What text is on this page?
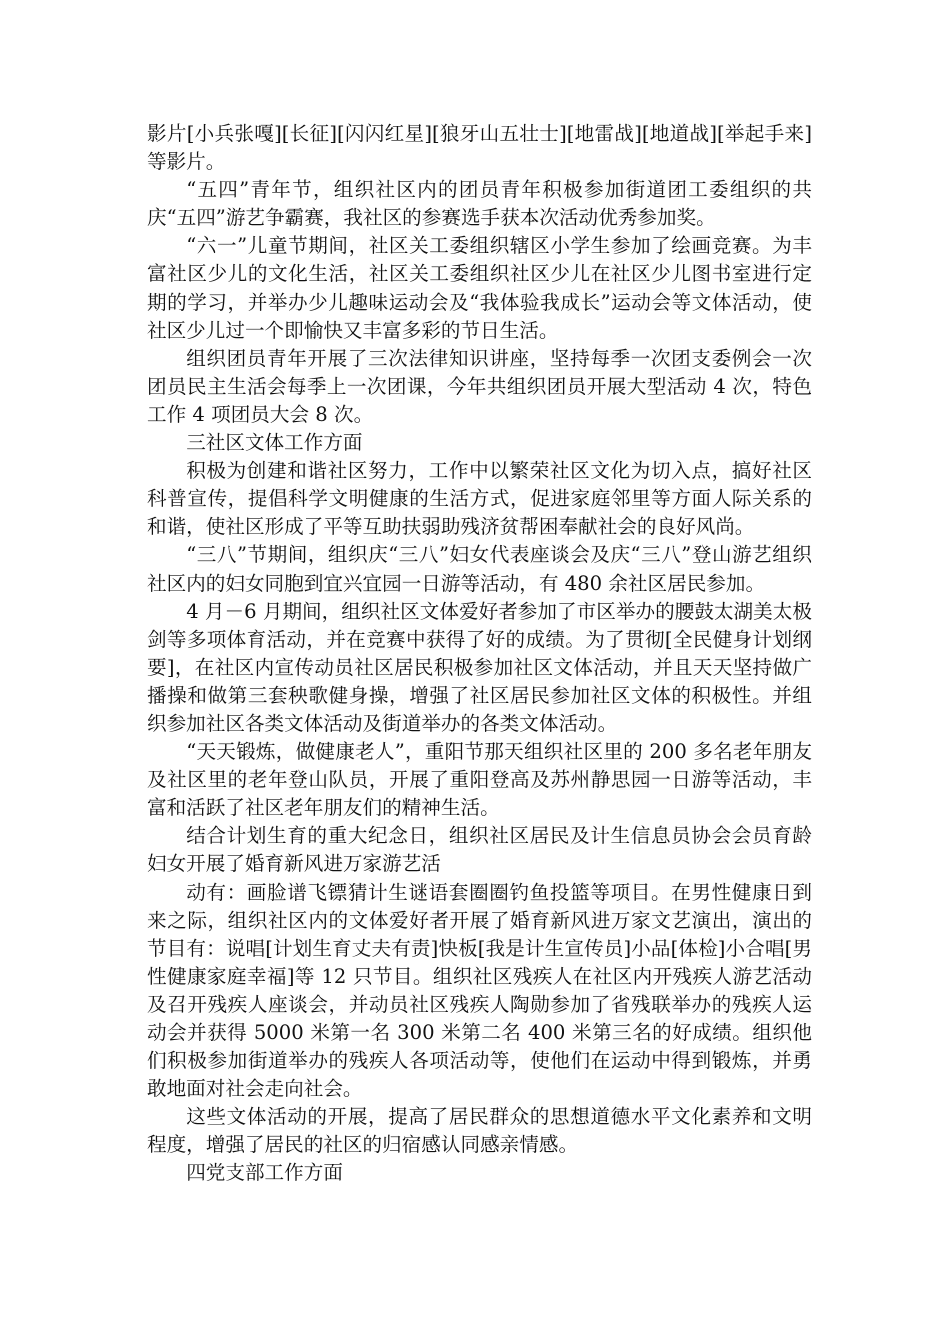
影片[小兵张嘎][长征][闪闪红星][狼牙山五壮士][地雷战][地道战][举起手来]等影片。

“五四”青年节，组织社区内的团员青年积极参加街道团工委组织的共庆“五四”游艺争霸赛，我社区的参赛选手获本次活动优秀参加奖。

“六一”儿童节期间，社区关工委组织辖区小学生参加了绘画竞赛。为丰富社区少儿的文化生活，社区关工委组织社区少儿在社区少儿图书室进行定期的学习，并举办少儿趣味运动会及“我体验我成长”运动会等文体活动，使社区少儿过一个即愉快又丰富多彩的节日生活。

组织团员青年开展了三次法律知识讲座，坚持每季一次团支委例会一次团员民主生活会每季上一次团课，今年共组织团员开展大型活动 4 次，特色工作 4 项团员大会 8 次。

三社区文体工作方面

积极为创建和谐社区努力，工作中以繁荣社区文化为切入点，搞好社区科普宣传，提倡科学文明健康的生活方式，促进家庭邻里等方面人际关系的和谐，使社区形成了平等互助扶弱助残济贫帮困奉献社会的良好风尚。

“三八”节期间，组织庆“三八”妇女代表座谈会及庆“三八”登山游艺组织社区内的妇女同胞到宜兴宜园一日游等活动，有 480 余社区居民参加。

4 月－6 月期间，组织社区文体爱好者参加了市区举办的腰鼓太湖美太极剑等多项体育活动，并在竞赛中获得了好的成绩。为了贯彻[全民健身计划纲要]，在社区内宣传动员社区居民积极参加社区文体活动，并且天天坚持做广播操和做第三套秧歌健身操，增强了社区居民参加社区文体的积极性。并组织参加社区各类文体活动及街道举办的各类文体活动。

“天天锻炼，做健康老人”，重阳节那天组织社区里的 200 多名老年朋友及社区里的老年登山队员，开展了重阳登高及苏州静思园一日游等活动，丰富和活跃了社区老年朋友们的精神生活。

结合计划生育的重大纪念日，组织社区居民及计生信息员协会会员育龄妇女开展了婚育新风进万家游艺活

动有：画脸谱飞镖猜计生谜语套圈圈钓鱼投篮等项目。在男性健康日到来之际，组织社区内的文体爱好者开展了婚育新风进万家文艺演出，演出的节目有：说唱[计划生育丈夫有责]快板[我是计生宣传员]小品[体检]小合唱[男性健康家庭幸福]等 12 只节目。组织社区残疾人在社区内开残疾人游艺活动及召开残疾人座谈会，并动员社区残疾人陶勋参加了省残联举办的残疾人运动会并获得 5000 米第一名 300 米第二名 400 米第三名的好成绩。组织他们积极参加街道举办的残疾人各项活动等，使他们在运动中得到锻炼，并勇敢地面对社会走向社会。

这些文体活动的开展，提高了居民群众的思想道德水平文化素养和文明程度，增强了居民的社区的归宿感认同感亲情感。

四党支部工作方面
